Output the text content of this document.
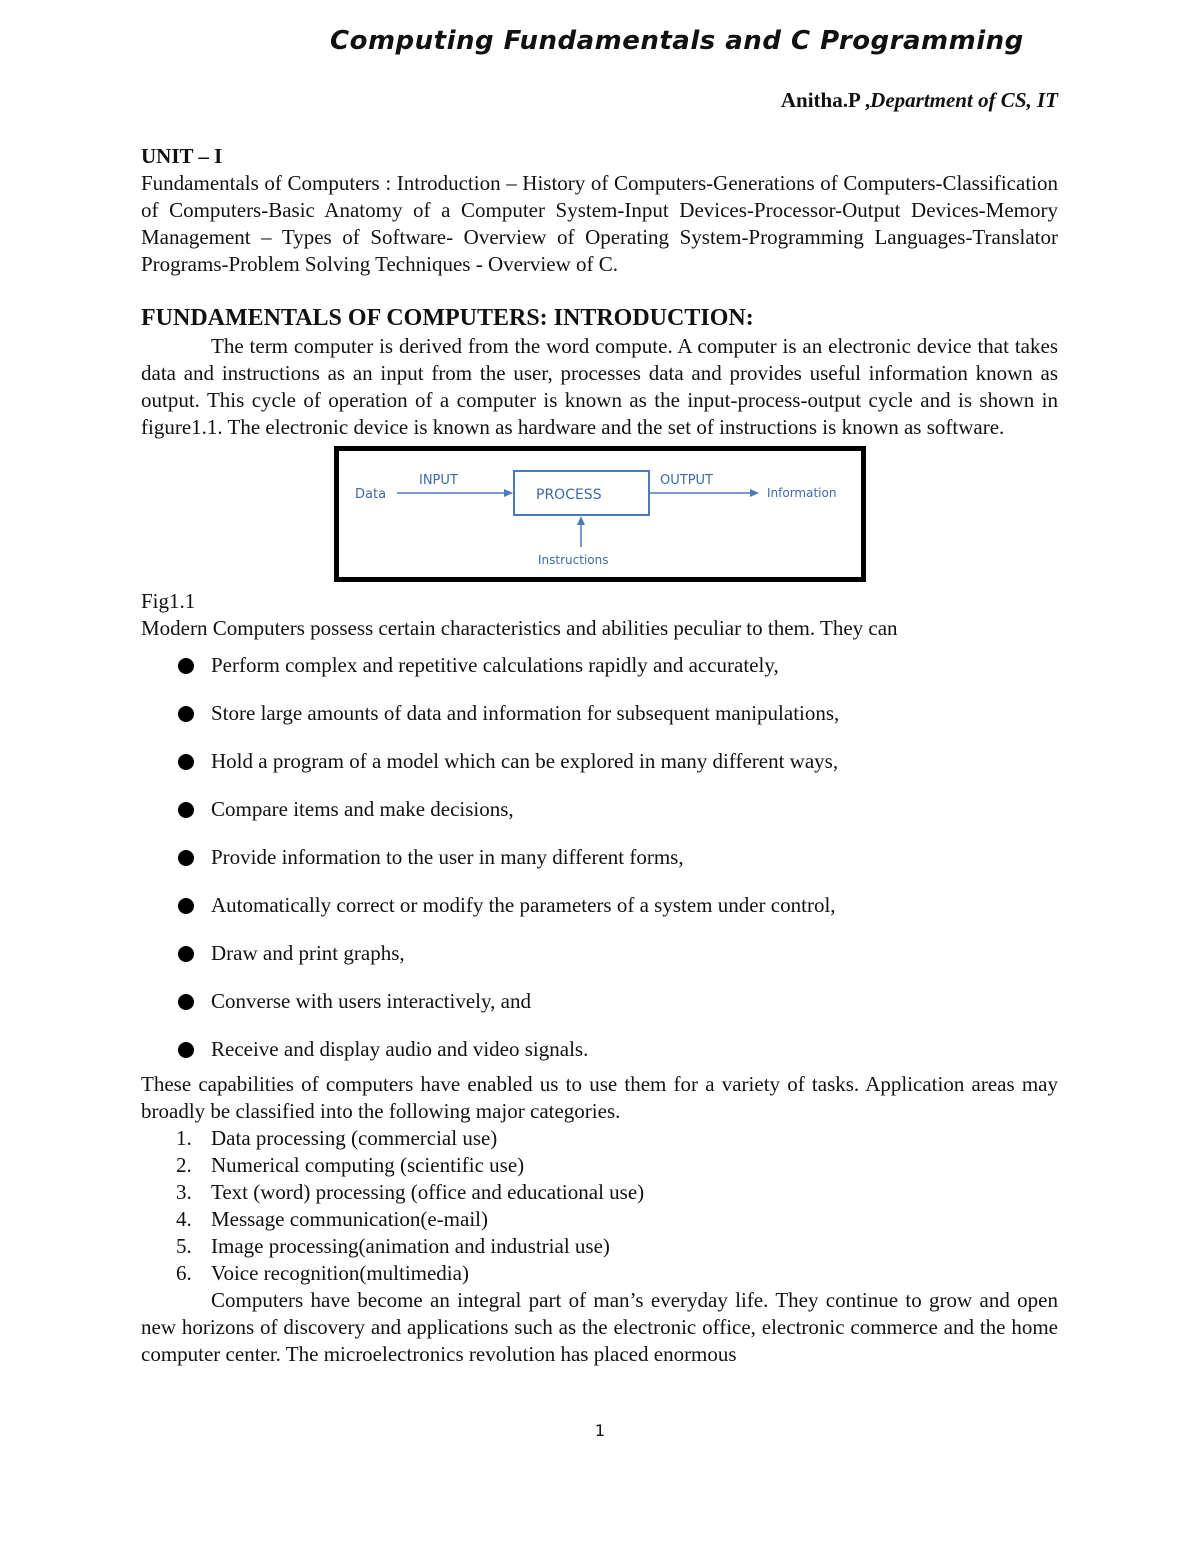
Computing Fundamentals and C Programming
Anitha.P ,Department of CS, IT
UNIT – I
Fundamentals of Computers : Introduction – History of Computers-Generations of Computers-Classification of Computers-Basic Anatomy of a Computer System-Input Devices-Processor-Output Devices-Memory Management – Types of Software- Overview of Operating System-Programming Languages-Translator Programs-Problem Solving Techniques - Overview of C.
FUNDAMENTALS OF COMPUTERS: INTRODUCTION:
The term computer is derived from the word compute. A computer is an electronic device that takes data and instructions as an input from the user, processes data and provides useful information known as output. This cycle of operation of a computer is known as the input-process-output cycle and is shown in figure1.1. The electronic device is known as hardware and the set of instructions is known as software.
Data
INPUT
PROCESS
OUTPUT
Information
Instructions
Fig1.1
Modern Computers possess certain characteristics and abilities peculiar to them. They can
Perform complex and repetitive calculations rapidly and accurately,
Store large amounts of data and information for subsequent manipulations,
Hold a program of a model which can be explored in many different ways,
Compare items and make decisions,
Provide information to the user in many different forms,
Automatically correct or modify the parameters of a system under control,
Draw and print graphs,
Converse with users interactively, and
Receive and display audio and video signals.
These capabilities of computers have enabled us to use them for a variety of tasks. Application areas may broadly be classified into the following major categories.
1. Data processing (commercial use)
2. Numerical computing (scientific use)
3. Text (word) processing (office and educational use)
4. Message communication(e-mail)
5. Image processing(animation and industrial use)
6. Voice recognition(multimedia)
Computers have become an integral part of man’s everyday life. They continue to grow and open new horizons of discovery and applications such as the electronic office, electronic commerce and the home computer center. The microelectronics revolution has placed enormous
1
